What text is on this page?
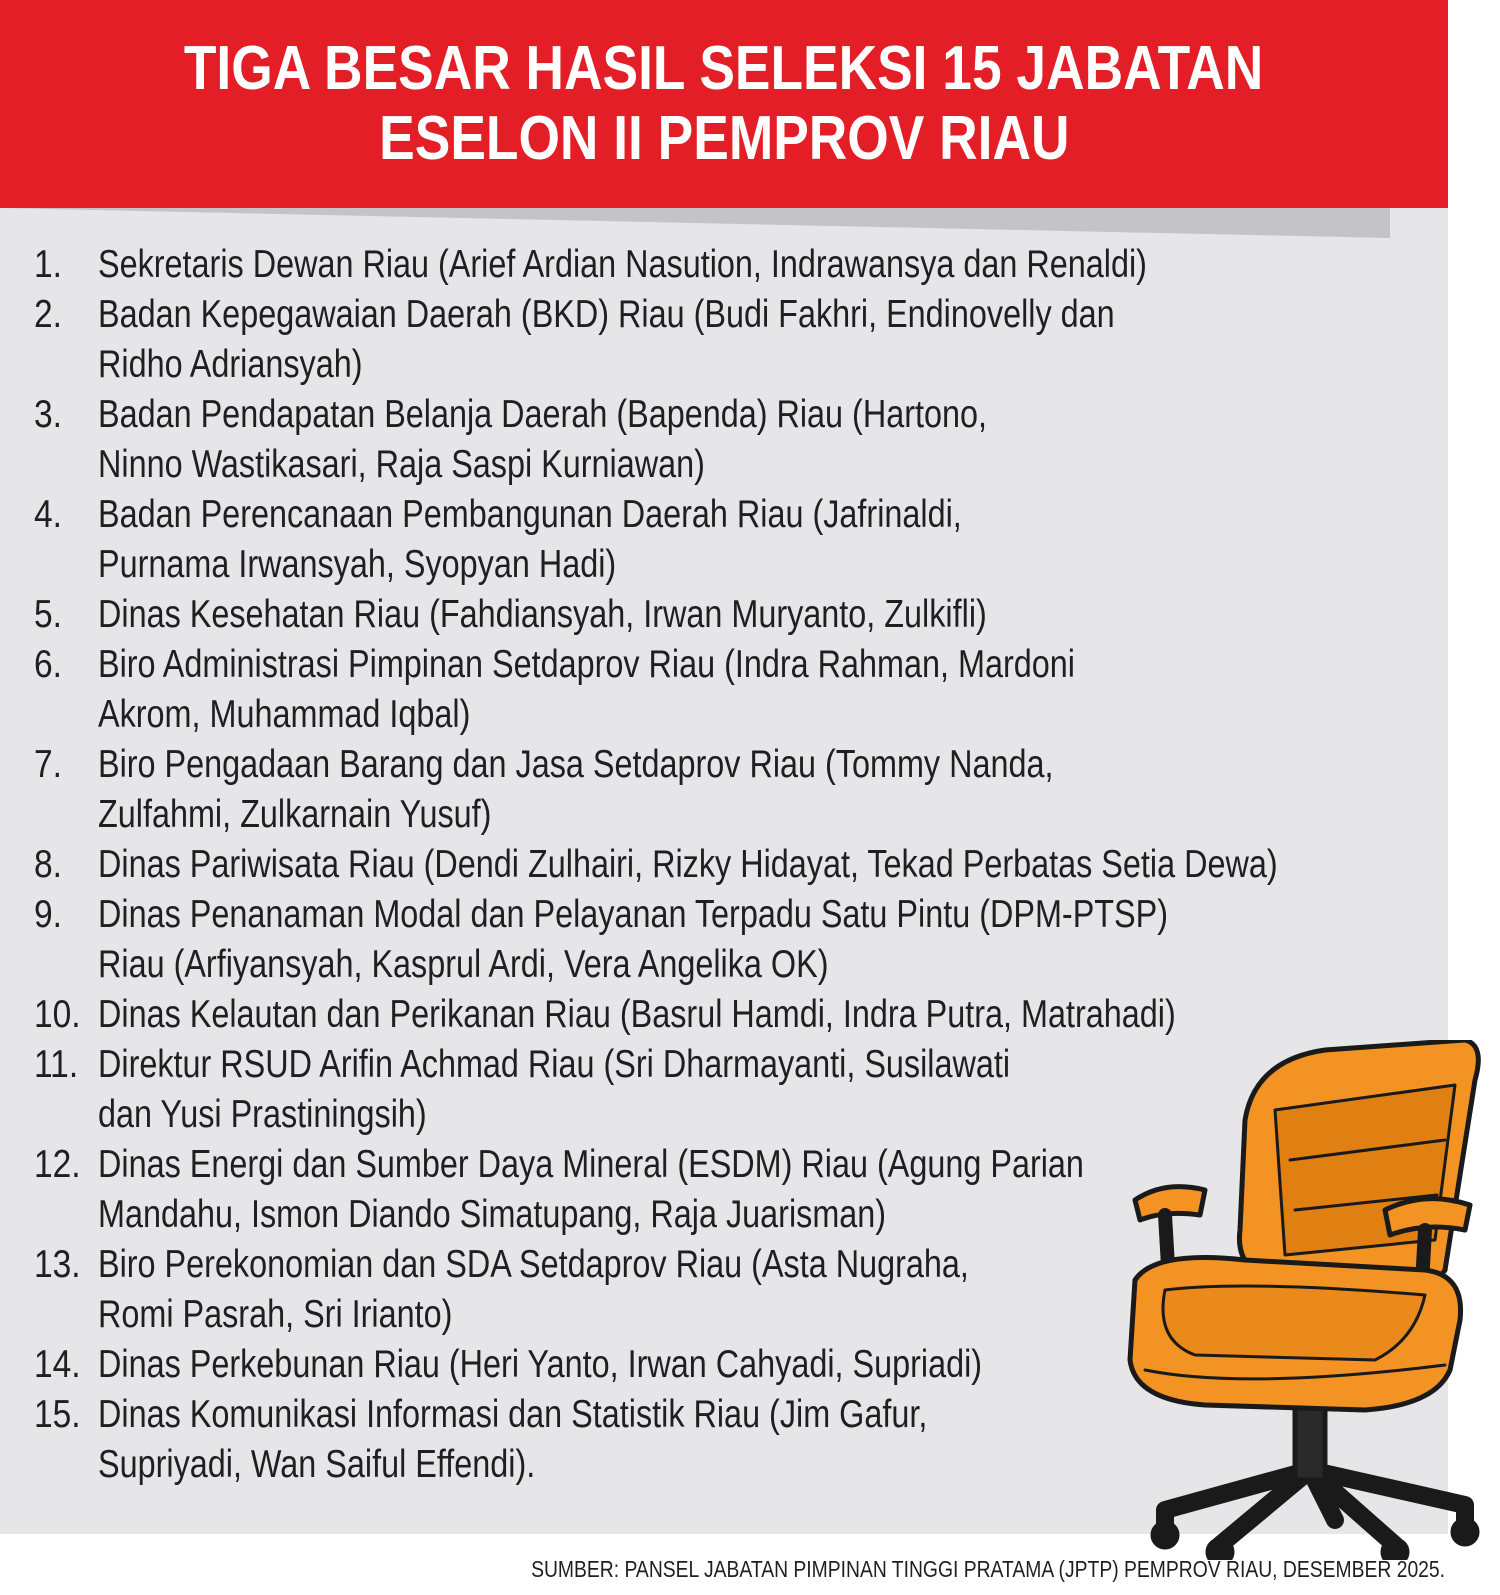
TIGA BESAR HASIL SELEKSI 15 JABATAN
ESELON II PEMPROV RIAU
1. Sekretaris Dewan Riau (Arief Ardian Nasution, Indrawansya dan Renaldi)
2. Badan Kepegawaian Daerah (BKD) Riau (Budi Fakhri, Endinovelly dan
Ridho Adriansyah)
3. Badan Pendapatan Belanja Daerah (Bapenda) Riau (Hartono,
Ninno Wastikasari, Raja Saspi Kurniawan)
4. Badan Perencanaan Pembangunan Daerah Riau (Jafrinaldi,
Purnama Irwansyah, Syopyan Hadi)
5. Dinas Kesehatan Riau (Fahdiansyah, Irwan Muryanto, Zulkifli)
6. Biro Administrasi Pimpinan Setdaprov Riau (Indra Rahman, Mardoni
Akrom, Muhammad Iqbal)
7. Biro Pengadaan Barang dan Jasa Setdaprov Riau (Tommy Nanda,
Zulfahmi, Zulkarnain Yusuf)
8. Dinas Pariwisata Riau (Dendi Zulhairi, Rizky Hidayat, Tekad Perbatas Setia Dewa)
9. Dinas Penanaman Modal dan Pelayanan Terpadu Satu Pintu (DPM-PTSP)
Riau (Arfiyansyah, Kasprul Ardi, Vera Angelika OK)
10. Dinas Kelautan dan Perikanan Riau (Basrul Hamdi, Indra Putra, Matrahadi)
11. Direktur RSUD Arifin Achmad Riau (Sri Dharmayanti, Susilawati
dan Yusi Prastiningsih)
12. Dinas Energi dan Sumber Daya Mineral (ESDM) Riau (Agung Parian
Mandahu, Ismon Diando Simatupang, Raja Juarisman)
13. Biro Perekonomian dan SDA Setdaprov Riau (Asta Nugraha,
Romi Pasrah, Sri Irianto)
14. Dinas Perkebunan Riau (Heri Yanto, Irwan Cahyadi, Supriadi)
15. Dinas Komunikasi Informasi dan Statistik Riau (Jim Gafur,
Supriyadi, Wan Saiful Effendi).
SUMBER: PANSEL JABATAN PIMPINAN TINGGI PRATAMA (JPTP) PEMPROV RIAU, DESEMBER 2025.
